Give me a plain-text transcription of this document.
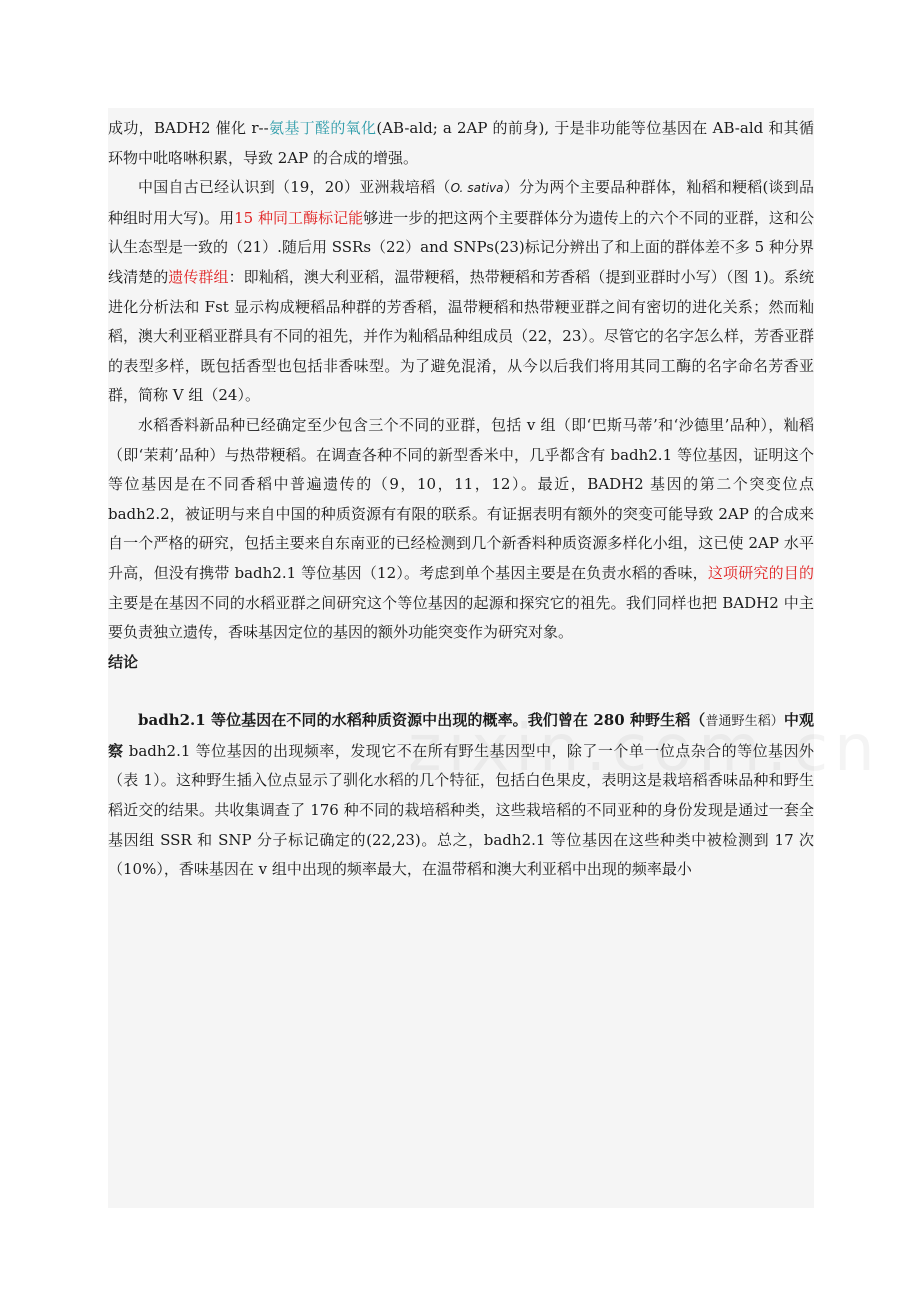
成功，BADH2 催化 r--氨基丁醛的氧化(AB-ald; a 2AP 的前身), 于是非功能等位基因在 AB-ald 和其循环物中吡咯啉积累，导致 2AP 的合成的增强。

中国自古已经认识到（19，20）亚洲栽培稻（O. sativa）分为两个主要品种群体，籼稻和粳稻(谈到品种组时用大写)。用15 种同工酶标记能够进一步的把这两个主要群体分为遗传上的六个不同的亚群，这和公认生态型是一致的（21）.随后用 SSRs（22）and SNPs(23)标记分辨出了和上面的群体差不多 5 种分界线清楚的遗传群组：即籼稻，澳大利亚稻，温带粳稻，热带粳稻和芳香稻（提到亚群时小写）（图 1)。系统进化分析法和 Fst 显示构成粳稻品种群的芳香稻，温带粳稻和热带粳亚群之间有密切的进化关系；然而籼稻，澳大利亚稻亚群具有不同的祖先，并作为籼稻品种组成员（22，23）。尽管它的名字怎么样，芳香亚群的表型多样，既包括香型也包括非香味型。为了避免混淆，从今以后我们将用其同工酶的名字命名芳香亚群，简称 V 组（24）。

水稻香料新品种已经确定至少包含三个不同的亚群，包括 v 组（即‘巴斯马蒂’和‘沙德里’品种），籼稻（即‘茉莉’品种）与热带粳稻。在调查各种不同的新型香米中，几乎都含有 badh2.1 等位基因，证明这个等位基因是在不同香稻中普遍遗传的（9，10，11，12）。最近，BADH2 基因的第二个突变位点 badh2.2，被证明与来自中国的种质资源有有限的联系。有证据表明有额外的突变可能导致 2AP 的合成来自一个严格的研究，包括主要来自东南亚的已经检测到几个新香料种质资源多样化小组，这已使 2AP 水平升高，但没有携带 badh2.1 等位基因（12）。考虑到单个基因主要是在负责水稻的香味，这项研究的目的主要是在基因不同的水稻亚群之间研究这个等位基因的起源和探究它的祖先。我们同样也把 BADH2 中主要负责独立遗传，香味基因定位的基因的额外功能突变作为研究对象。

结论

badh2.1 等位基因在不同的水稻种质资源中出现的概率。我们曾在 280 种野生稻（普通野生稻）中观察 badh2.1 等位基因的出现频率，发现它不在所有野生基因型中，除了一个单一位点杂合的等位基因外（表 1）。这种野生插入位点显示了驯化水稻的几个特征，包括白色果皮，表明这是栽培稻香味品种和野生稻近交的结果。共收集调查了 176 种不同的栽培稻种类，这些栽培稻的不同亚种的身份发现是通过一套全基因组 SSR 和 SNP 分子标记确定的(22,23)。总之，badh2.1 等位基因在这些种类中被检测到 17 次（10%），香味基因在 v 组中出现的频率最大，在温带稻和澳大利亚稻中出现的频率最小
